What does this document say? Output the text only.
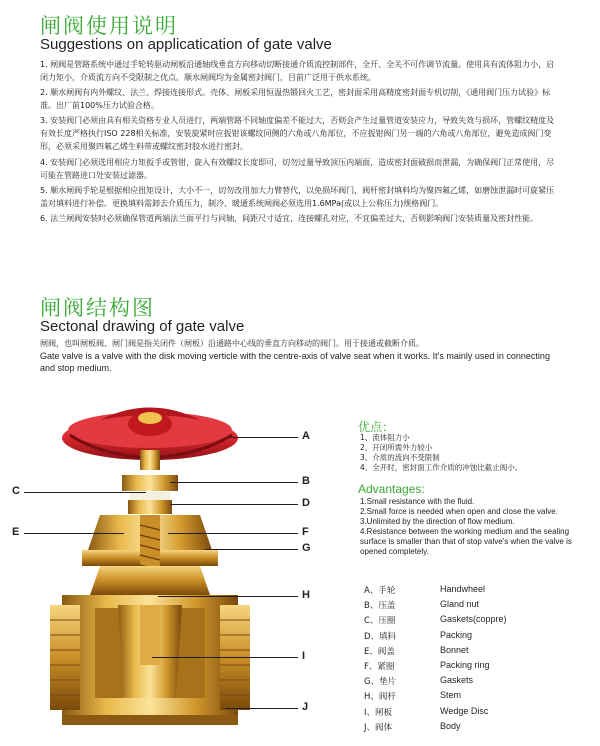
闸阀使用说明
Suggestions on applicatication of gate valve
1. 闸阀是管路系统中通过手轮转驱动闸板沿通轴线垂直方向移动切断接通介质流控制部件，全开、全关不可作调节流量。使用具有流体阻力小，启闭力矩小，介质流方向不受限制之优点。顺水闸阀均为金属密封阀门，目前广泛用于供水系统。
2. 顺水闸阀有内外螺纹、法兰、焊接连接形式。壳体、闸板采用恒温热锻回火工艺，密封面采用高精度密封面专机切削，《通用阀门压力试验》标准。出厂前100%压力试验合格。
3. 安装阀门必须由具有相关资格专业人员进行，两端管路不同轴度偏差不能过大，否则会产生过量管道安装应力，导致失效与损坏，管螺纹精度及有效长度严格执行ISO 228相关标准，安装旋紧时应扳钳该螺纹同侧的六角或八角部位，不应扳钳阀门另一端的六角或八角部位，避免造成阀门变形，必须采用聚四氟乙烯生料带或螺纹密封胶水进行密封。
4. 安装阀门必须选用相应力矩扳手或管钳，旋入有效螺纹长度即可，切勿过量导致顶压内端面，造成密封面破损而泄漏，为确保阀门正常使用，尽可能在管路进口处安装过滤器。
5. 顺水闸阀手轮是根据相应扭矩设计，大小不一，切勿改用加大力臂替代，以免损坏阀门，阀杆密封填料均为聚四氟乙烯，如磨蚀泄漏时可旋紧压盖对填料进行补偿。更换填料需卸去介质压力，制冷、暖通系统闸阀必须选用1.6MPa(或以上公称压力)规格阀门。
6. 法兰闸阀安装时必须确保管道两端法兰面平行与同轴，间距尺寸适宜，连接螺孔对应，不宜偏差过大，否则影响阀门安装质量及密封性能。
闸阀结构图
Sectonal drawing of gate valve
闸阀，也叫闸板阀、闸门阀是指关闭件（闸板）沿通路中心线的垂直方向移动的阀门。用于接通或截断介质。
Gate valve is a valve with the disk moving verticle with the centre-axis of valve seat when it works. It's mainly used in connecting and stop medium.
A
B
C
D
E	F
G
H
I
J
优点：
1、流体阻力小
2、开闭所需外力较小
3、介质的流向不受限制
4、全开时，密封面工作介质的冲蚀比截止阀小。
Advantages:
1.Small resistance with the fluid.
2.Small force is needed when open and close the valve.
3.Unlimited by the direction of flow medium.
4.Resistance between the working medium and the sealing surface is smaller than that of stop valve's when the valve is opened completely.
A、手轮	Handwheel
B、压盖	Gland nut
C、压圈	Gaskets(coppre)
D、填料	Packing
E、阀盖	Bonnet
F、紧圈	Packing ring
G、垫片	Gaskets
H、阀杆	Stem
I、闸板	Wedge Disc
J、阀体	Body
